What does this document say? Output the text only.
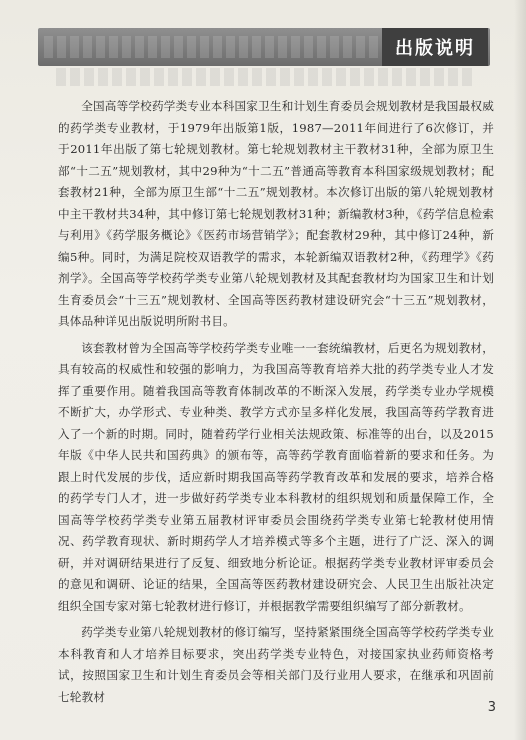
出版说明

全国高等学校药学类专业本科国家卫生和计划生育委员会规划教材是我国最权威的药学类专业教材，于1979年出版第1版，1987—2011年间进行了6次修订，并于2011年出版了第七轮规划教材。第七轮规划教材主干教材31种，全部为原卫生部“十二五”规划教材，其中29种为“十二五”普通高等教育本科国家级规划教材；配套教材21种，全部为原卫生部“十二五”规划教材。本次修订出版的第八轮规划教材中主干教材共34种，其中修订第七轮规划教材31种；新编教材3种，《药学信息检索与利用》《药学服务概论》《医药市场营销学》；配套教材29种，其中修订24种，新编5种。同时，为满足院校双语教学的需求，本轮新编双语教材2种，《药理学》《药剂学》。全国高等学校药学类专业第八轮规划教材及其配套教材均为国家卫生和计划生育委员会“十三五”规划教材、全国高等医药教材建设研究会“十三五”规划教材，具体品种详见出版说明所附书目。

该套教材曾为全国高等学校药学类专业唯一一套统编教材，后更名为规划教材，具有较高的权威性和较强的影响力，为我国高等教育培养大批的药学类专业人才发挥了重要作用。随着我国高等教育体制改革的不断深入发展，药学类专业办学规模不断扩大，办学形式、专业种类、教学方式亦呈多样化发展，我国高等药学教育进入了一个新的时期。同时，随着药学行业相关法规政策、标准等的出台，以及2015年版《中华人民共和国药典》的颁布等，高等药学教育面临着新的要求和任务。为跟上时代发展的步伐，适应新时期我国高等药学教育改革和发展的要求，培养合格的药学专门人才，进一步做好药学类专业本科教材的组织规划和质量保障工作，全国高等学校药学类专业第五届教材评审委员会围绕药学类专业第七轮教材使用情况、药学教育现状、新时期药学人才培养模式等多个主题，进行了广泛、深入的调研，并对调研结果进行了反复、细致地分析论证。根据药学类专业教材评审委员会的意见和调研、论证的结果，全国高等医药教材建设研究会、人民卫生出版社决定组织全国专家对第七轮教材进行修订，并根据教学需要组织编写了部分新教材。

药学类专业第八轮规划教材的修订编写，坚持紧紧围绕全国高等学校药学类专业本科教育和人才培养目标要求，突出药学类专业特色，对接国家执业药师资格考试，按照国家卫生和计划生育委员会等相关部门及行业用人要求，在继承和巩固前七轮教材

3
